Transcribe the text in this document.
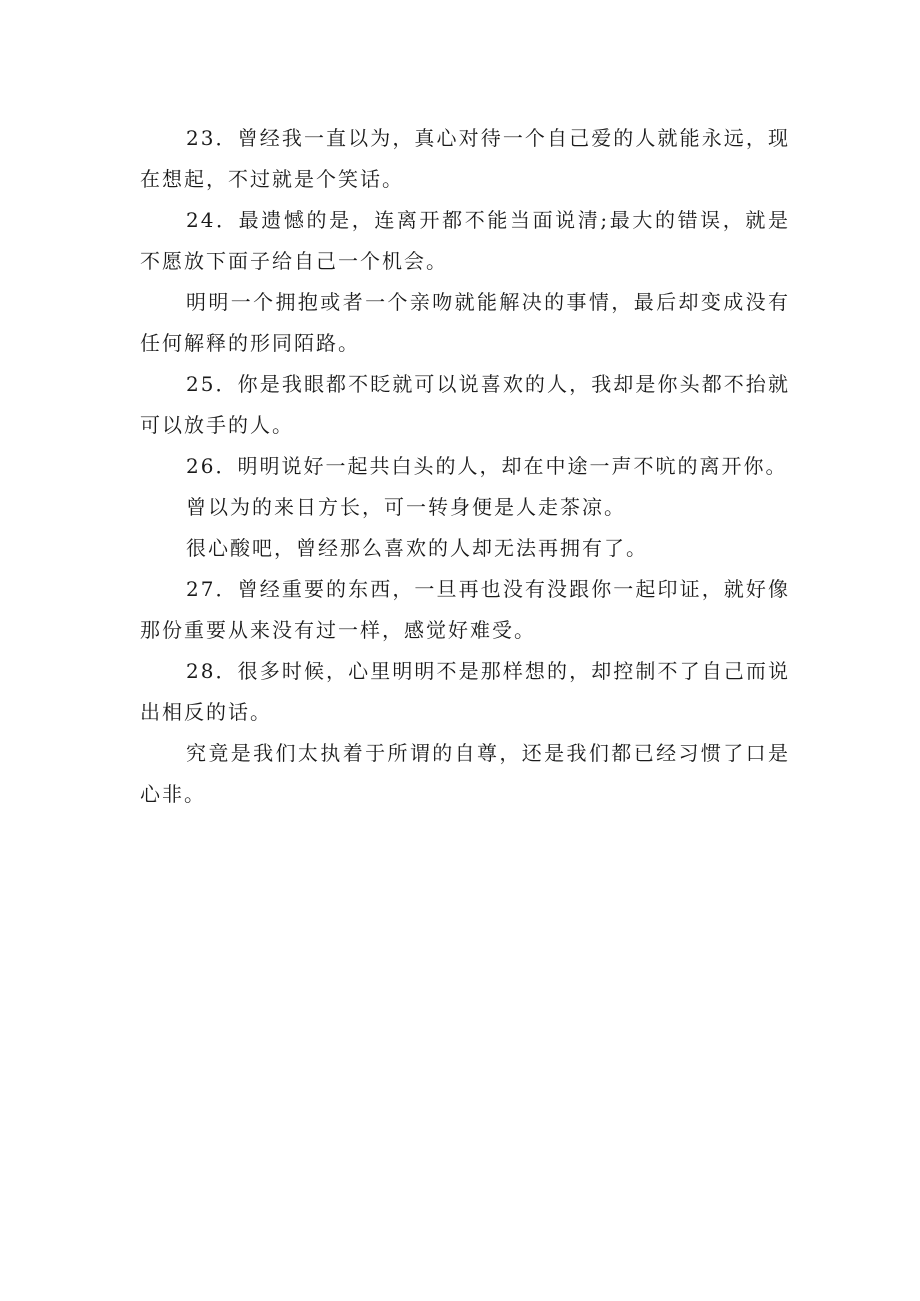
23．曾经我一直以为，真心对待一个自己爱的人就能永远，现在想起，不过就是个笑话。

24．最遗憾的是，连离开都不能当面说清;最大的错误，就是不愿放下面子给自己一个机会。

明明一个拥抱或者一个亲吻就能解决的事情，最后却变成没有任何解释的形同陌路。

25．你是我眼都不眨就可以说喜欢的人，我却是你头都不抬就可以放手的人。

26．明明说好一起共白头的人，却在中途一声不吭的离开你。

曾以为的来日方长，可一转身便是人走茶凉。

很心酸吧，曾经那么喜欢的人却无法再拥有了。

27．曾经重要的东西，一旦再也没有没跟你一起印证，就好像那份重要从来没有过一样，感觉好难受。

28．很多时候，心里明明不是那样想的，却控制不了自己而说出相反的话。

究竟是我们太执着于所谓的自尊，还是我们都已经习惯了口是心非。
